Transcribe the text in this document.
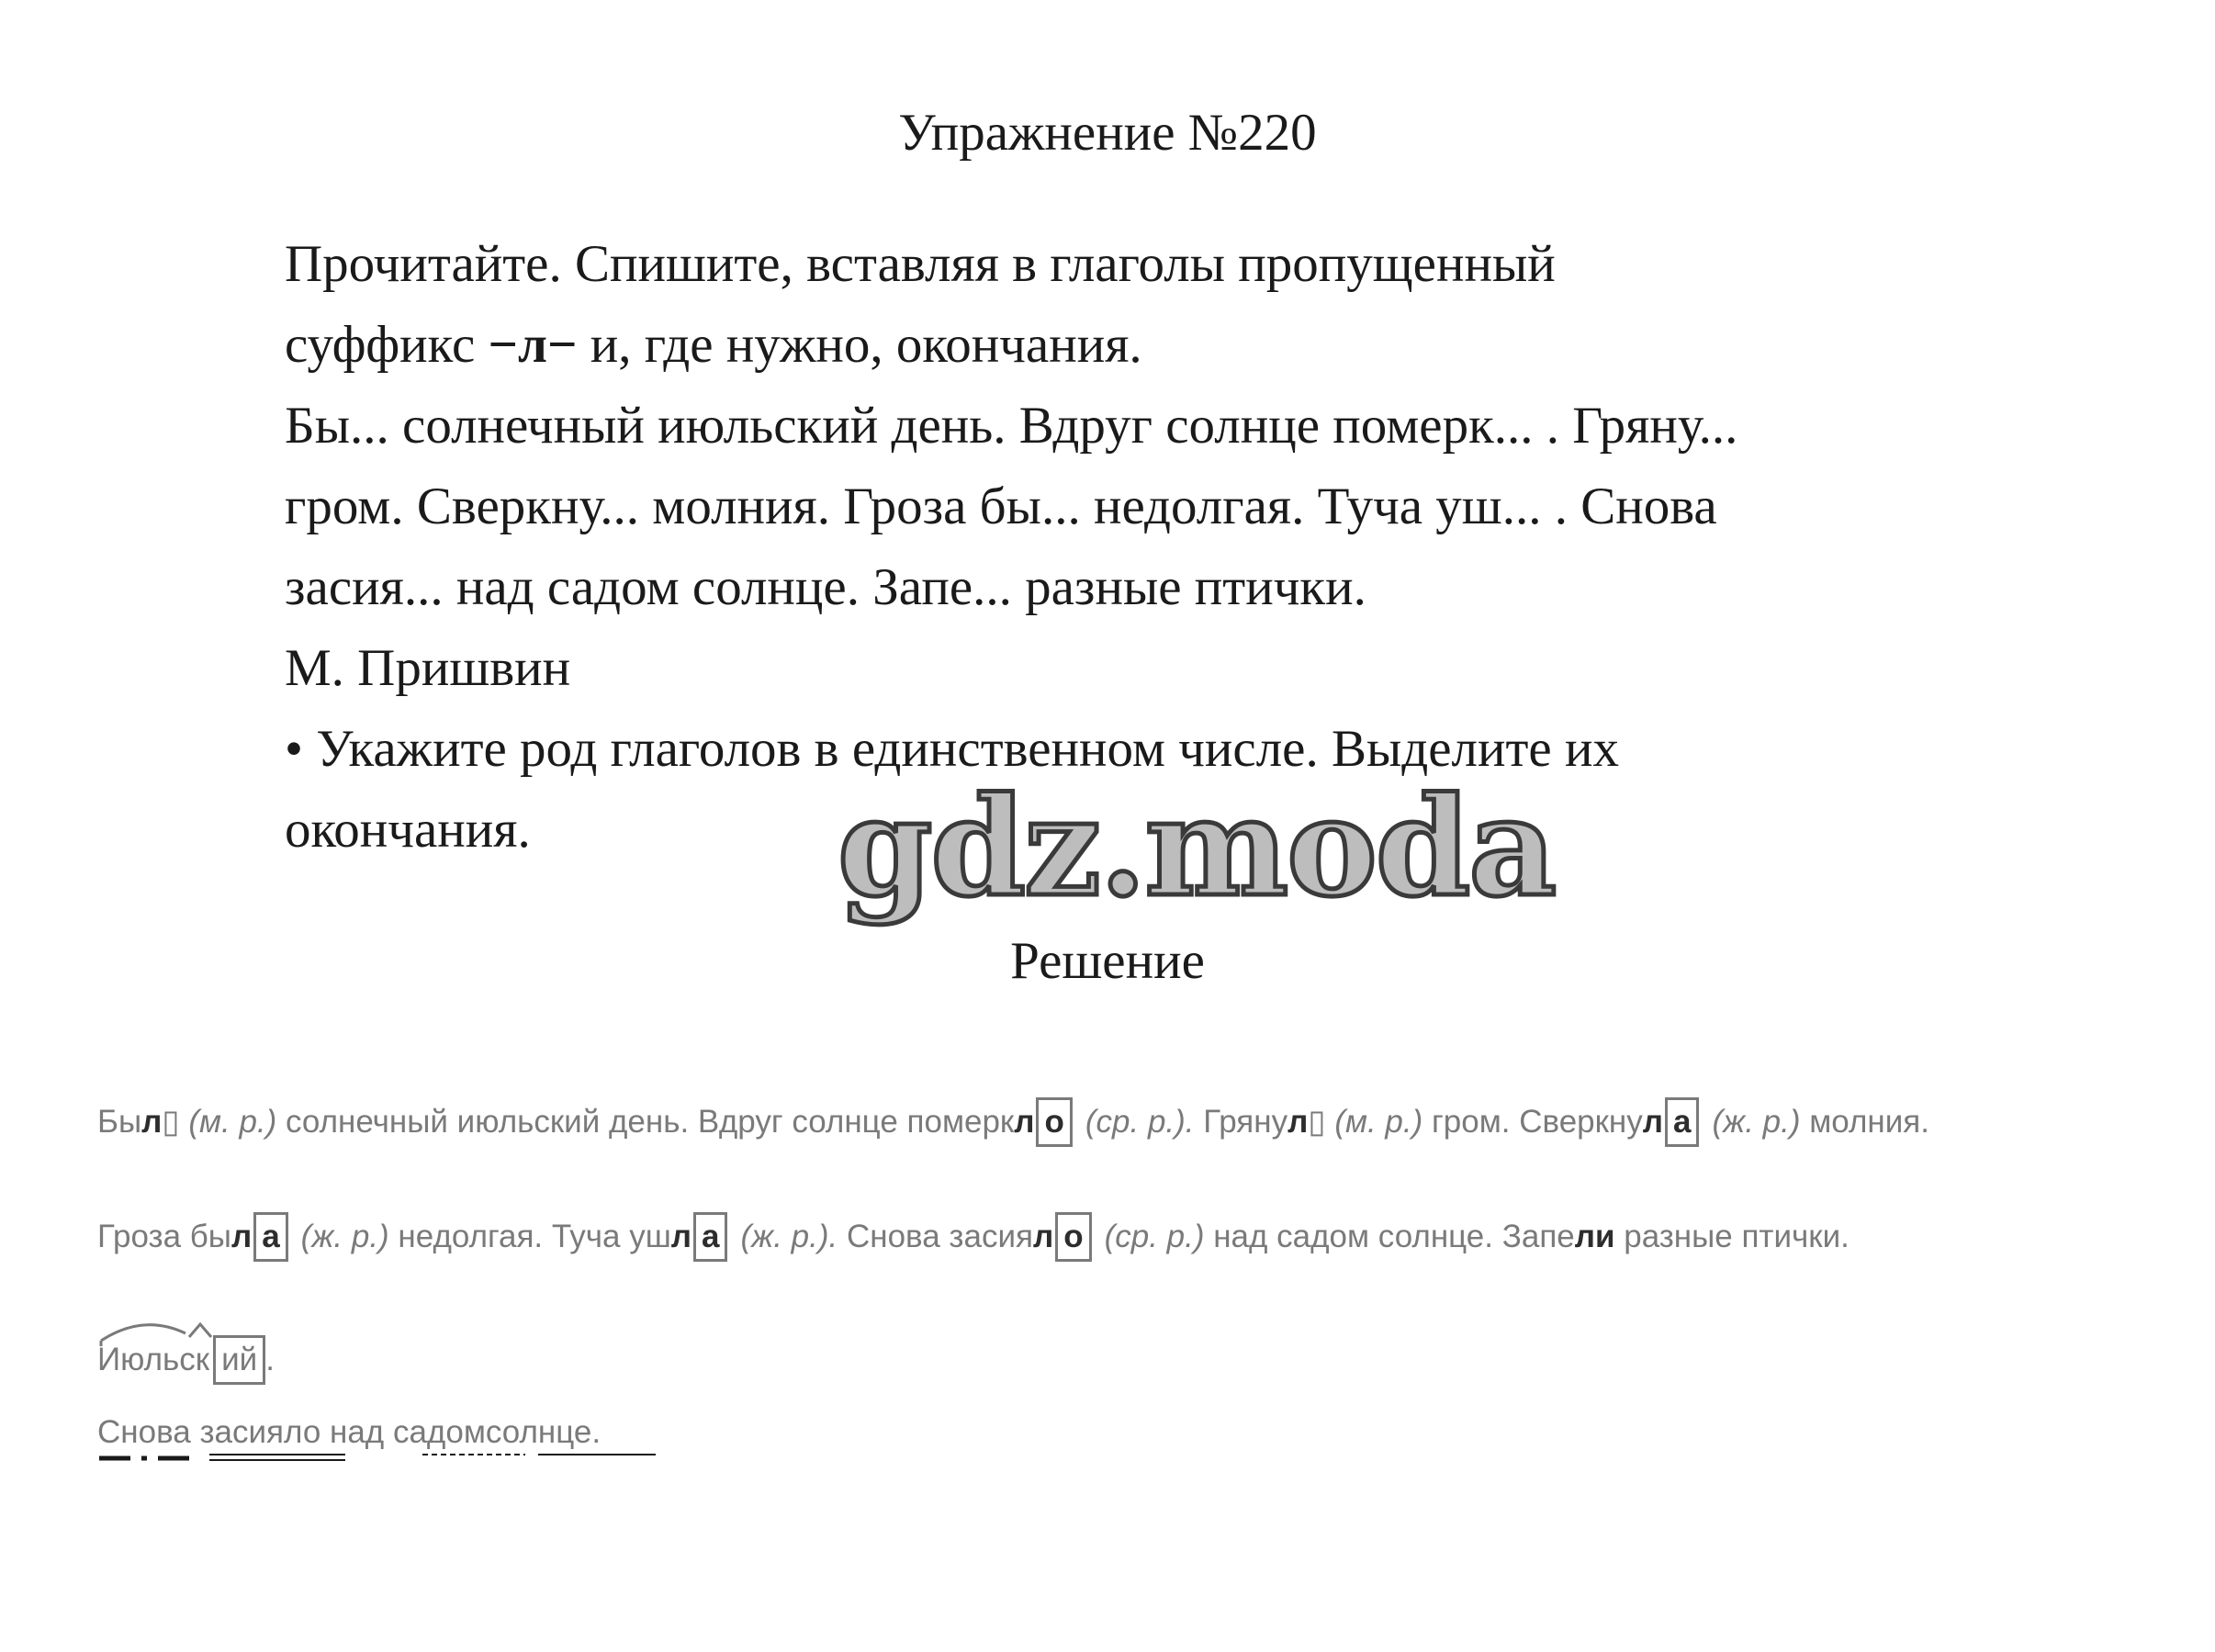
Упражнение №220
Прочитайте. Спишите, вставляя в глаголы пропущенный
суффикс −л− и, где нужно, окончания.
Бы... солнечный июльский день. Вдруг солнце померк... . Гряну...
гром. Сверкну... молния. Гроза бы... недолгая. Туча уш... . Снова
засия... над садом солнце. Запе... разные птички.
М. Пришвин
• Укажите род глаголов в единственном числе. Выделите их
окончания.	gdz.moda
Решение
Был▯ (м. р.) солнечный июльский день. Вдруг солнце померкл о (ср. р.). Грянул▯ (м. р.) гром. Сверкнул а (ж. р.) молния.
Гроза был а (ж. р.) недолгая. Туча ушл а (ж. р.). Снова засиял о (ср. р.) над садом солнце. Запели разные птички.
Июльск ий .
Снова засияло над садомсолнце.
